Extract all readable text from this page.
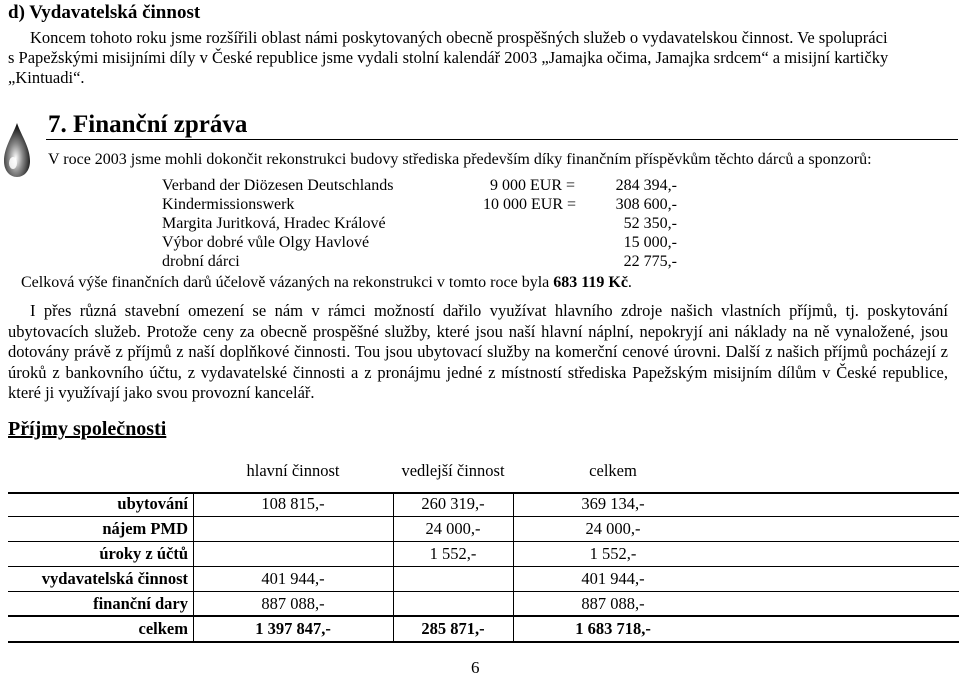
d) Vydavatelská činnost
Koncem tohoto roku jsme rozšířili oblast námi poskytovaných obecně prospěšných služeb o vydavatelskou činnost. Ve spolupráci
s Papežskými misijními díly v České republice jsme vydali stolní kalendář 2003 „Jamajka očima, Jamajka srdcem“ a misijní kartičky
„Kintuadi“.
7. Finanční zpráva
V roce 2003 jsme mohli dokončit rekonstrukci budovy střediska především díky finančním příspěvkům těchto dárců a sponzorů:
Verband der Diözesen Deutschlands	9 000 EUR =	284 394,-
Kindermissionswerk	10 000 EUR = 308 600,-
Margita Juritková, Hradec Králové	52 350,-
Výbor dobré vůle Olgy Havlové	15 000,-
drobní dárci	22 775,-
Celková výše finančních darů účelově vázaných na rekonstrukci v tomto roce byla 683 119 Kč.
I přes různá stavební omezení se nám v rámci možností dařilo využívat hlavního zdroje našich vlastních příjmů, tj. poskytování ubytovacích služeb. Protože ceny za obecně prospěšné služby, které jsou naší hlavní náplní, nepokryjí ani náklady na ně vynaložené, jsou dotovány právě z příjmů z naší doplňkové činnosti. Tou jsou ubytovací služby na komerční cenové úrovni. Další z našich příjmů pocházejí z úroků z bankovního účtu, z vydavatelské činnosti a z pronájmu jedné z místností střediska Papežským misijním dílům v České republice, které ji využívají jako svou provozní kancelář.
Příjmy společnosti
	hlavní činnost	vedlejší činnost	celkem
ubytování	108 815,-	260 319,-	369 134,-
nájem PMD		24 000,-	24 000,-
úroky z účtů		1 552,-	1 552,-
vydavatelská činnost	401 944,-		401 944,-
finanční dary	887 088,-		887 088,-
celkem	1 397 847,-	285 871,-	1 683 718,-
6
